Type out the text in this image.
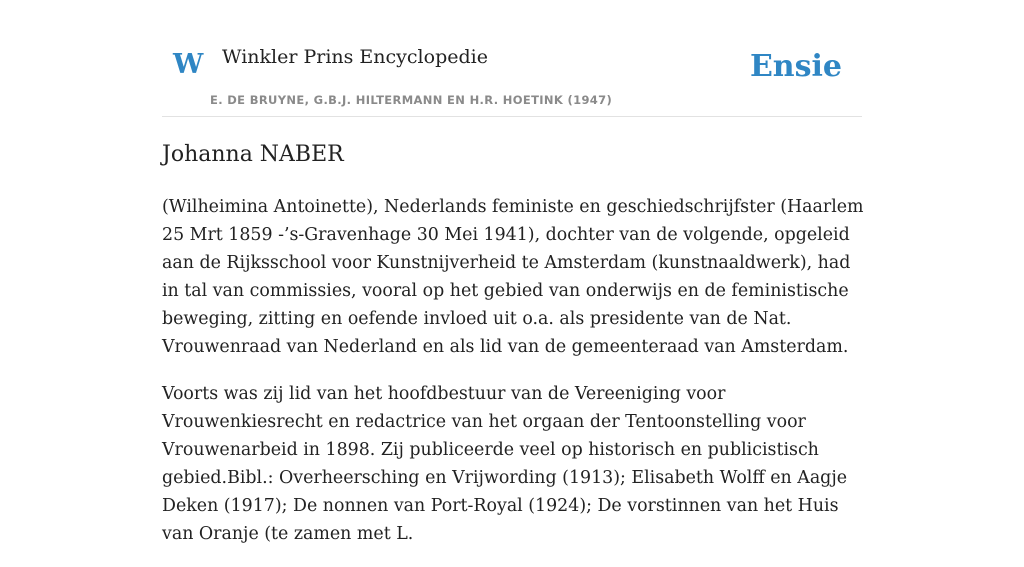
W Winkler Prins Encyclopedie
E. DE BRUYNE, G.B.J. HILTERMANN EN H.R. HOETINK (1947)
Ensie
Johanna NABER

(Wilheimina Antoinette), Nederlands feministe en geschiedschrijfster (Haarlem 25 Mrt 1859 -’s-Gravenhage 30 Mei 1941), dochter van de volgende, opgeleid aan de Rijksschool voor Kunstnijverheid te Amsterdam (kunstnaaldwerk), had in tal van commissies, vooral op het gebied van onderwijs en de feministische beweging, zitting en oefende invloed uit o.a. als presidente van de Nat. Vrouwenraad van Nederland en als lid van de gemeenteraad van Amsterdam.

Voorts was zij lid van het hoofdbestuur van de Vereeniging voor Vrouwenkiesrecht en redactrice van het orgaan der Tentoonstelling voor Vrouwenarbeid in 1898. Zij publiceerde veel op historisch en publicistisch gebied.Bibl.: Overheersching en Vrijwording (1913); Elisabeth Wolff en Aagje Deken (1917); De nonnen van Port-Royal (1924); De vorstinnen van het Huis van Oranje (te zamen met L.
